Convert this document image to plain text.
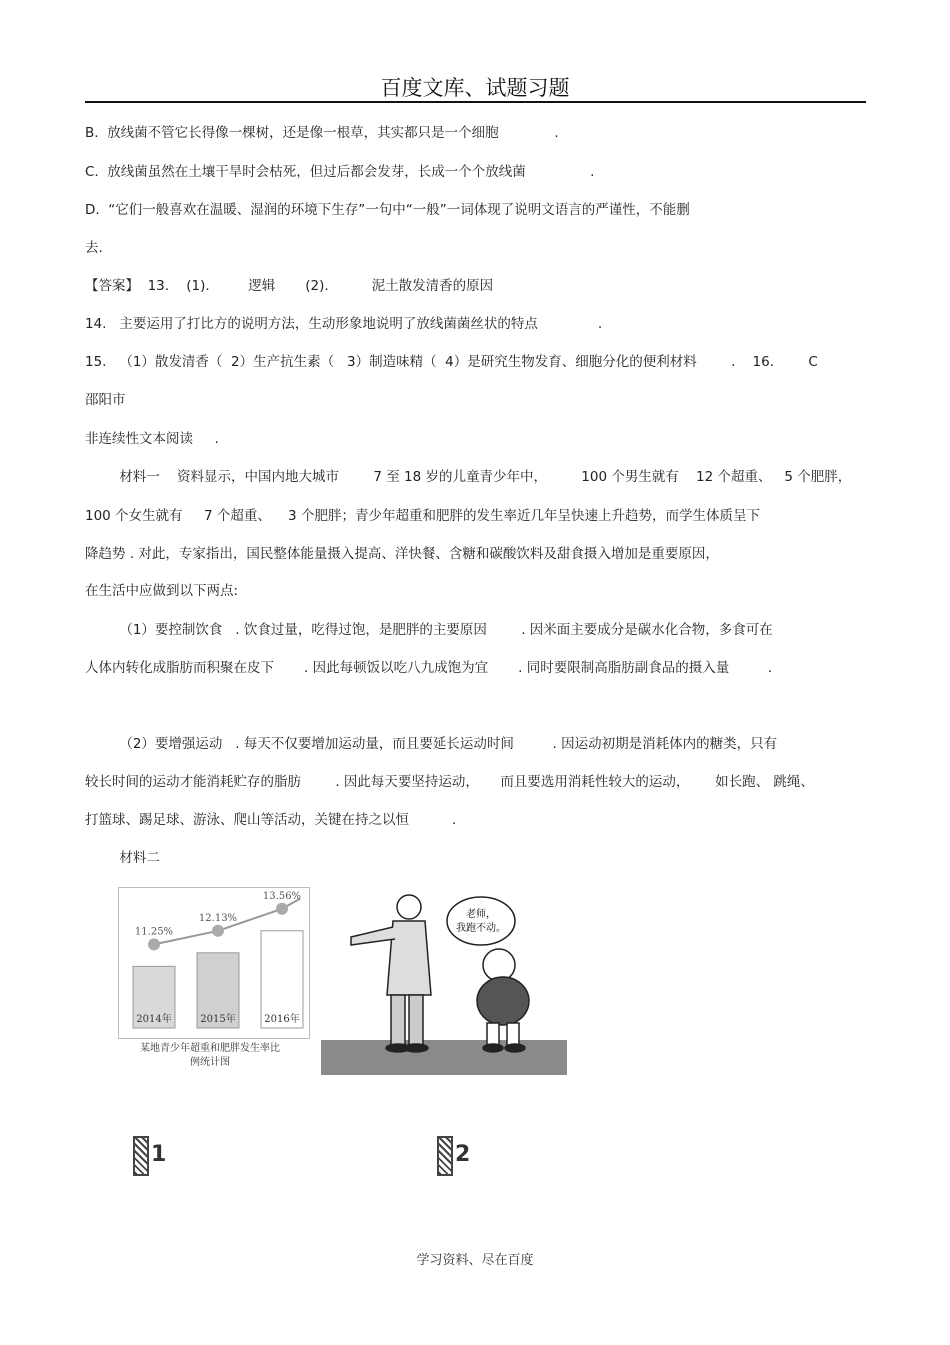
百度文库、试题习题
B.  放线菌不管它长得像一棵树，还是像一根草，其实都只是一个细胞             .
C.  放线菌虽然在土壤干旱时会枯死，但过后都会发芽，长成一个个放线菌               .
D.  “它们一般喜欢在温暖、湿润的环境下生存”一句中“一般”一词体现了说明文语言的严谨性，不能删
去.
【答案】  13.    (1).         逻辑       (2).          泥土散发清香的原因
14.   主要运用了打比方的说明方法，生动形象地说明了放线菌菌丝状的特点              .
15.   （1）散发清香（  2）生产抗生素（   3）制造味精（  4）是研究生物发育、细胞分化的便利材料        .    16.        C
邵阳市
非连续性文本阅读     .
材料一    资料显示，中国内地大城市        7 至 18 岁的儿童青少年中，        100 个男生就有    12 个超重、   5 个肥胖，
100 个女生就有     7 个超重、    3 个肥胖；青少年超重和肥胖的发生率近几年呈快速上升趋势，而学生体质呈下
降趋势 . 对此，专家指出，国民整体能量摄入提高、洋快餐、含糖和碳酸饮料及甜食摄入增加是重要原因，
在生活中应做到以下两点:
（1）要控制饮食   . 饮食过量，吃得过饱，是肥胖的主要原因        . 因米面主要成分是碳水化合物，多食可在
人体内转化成脂肪而积聚在皮下       . 因此每顿饭以吃八九成饱为宜       . 同时要限制高脂肪副食品的摄入量         .
（2）要增强运动   . 每天不仅要增加运动量，而且要延长运动时间         . 因运动初期是消耗体内的糖类，只有
较长时间的运动才能消耗贮存的脂肪        . 因此每天要坚持运动，     而且要选用消耗性较大的运动，      如长跑、 跳绳、
打篮球、踢足球、游泳、爬山等活动，关键在持之以恒          .
材料二
2014年	2015年	2016年
11.25%
12.13%
13.56%
某地青少年超重和肥胖发生率比例统计图
老师，
我跑不动。
1	2
学习资料、尽在百度
